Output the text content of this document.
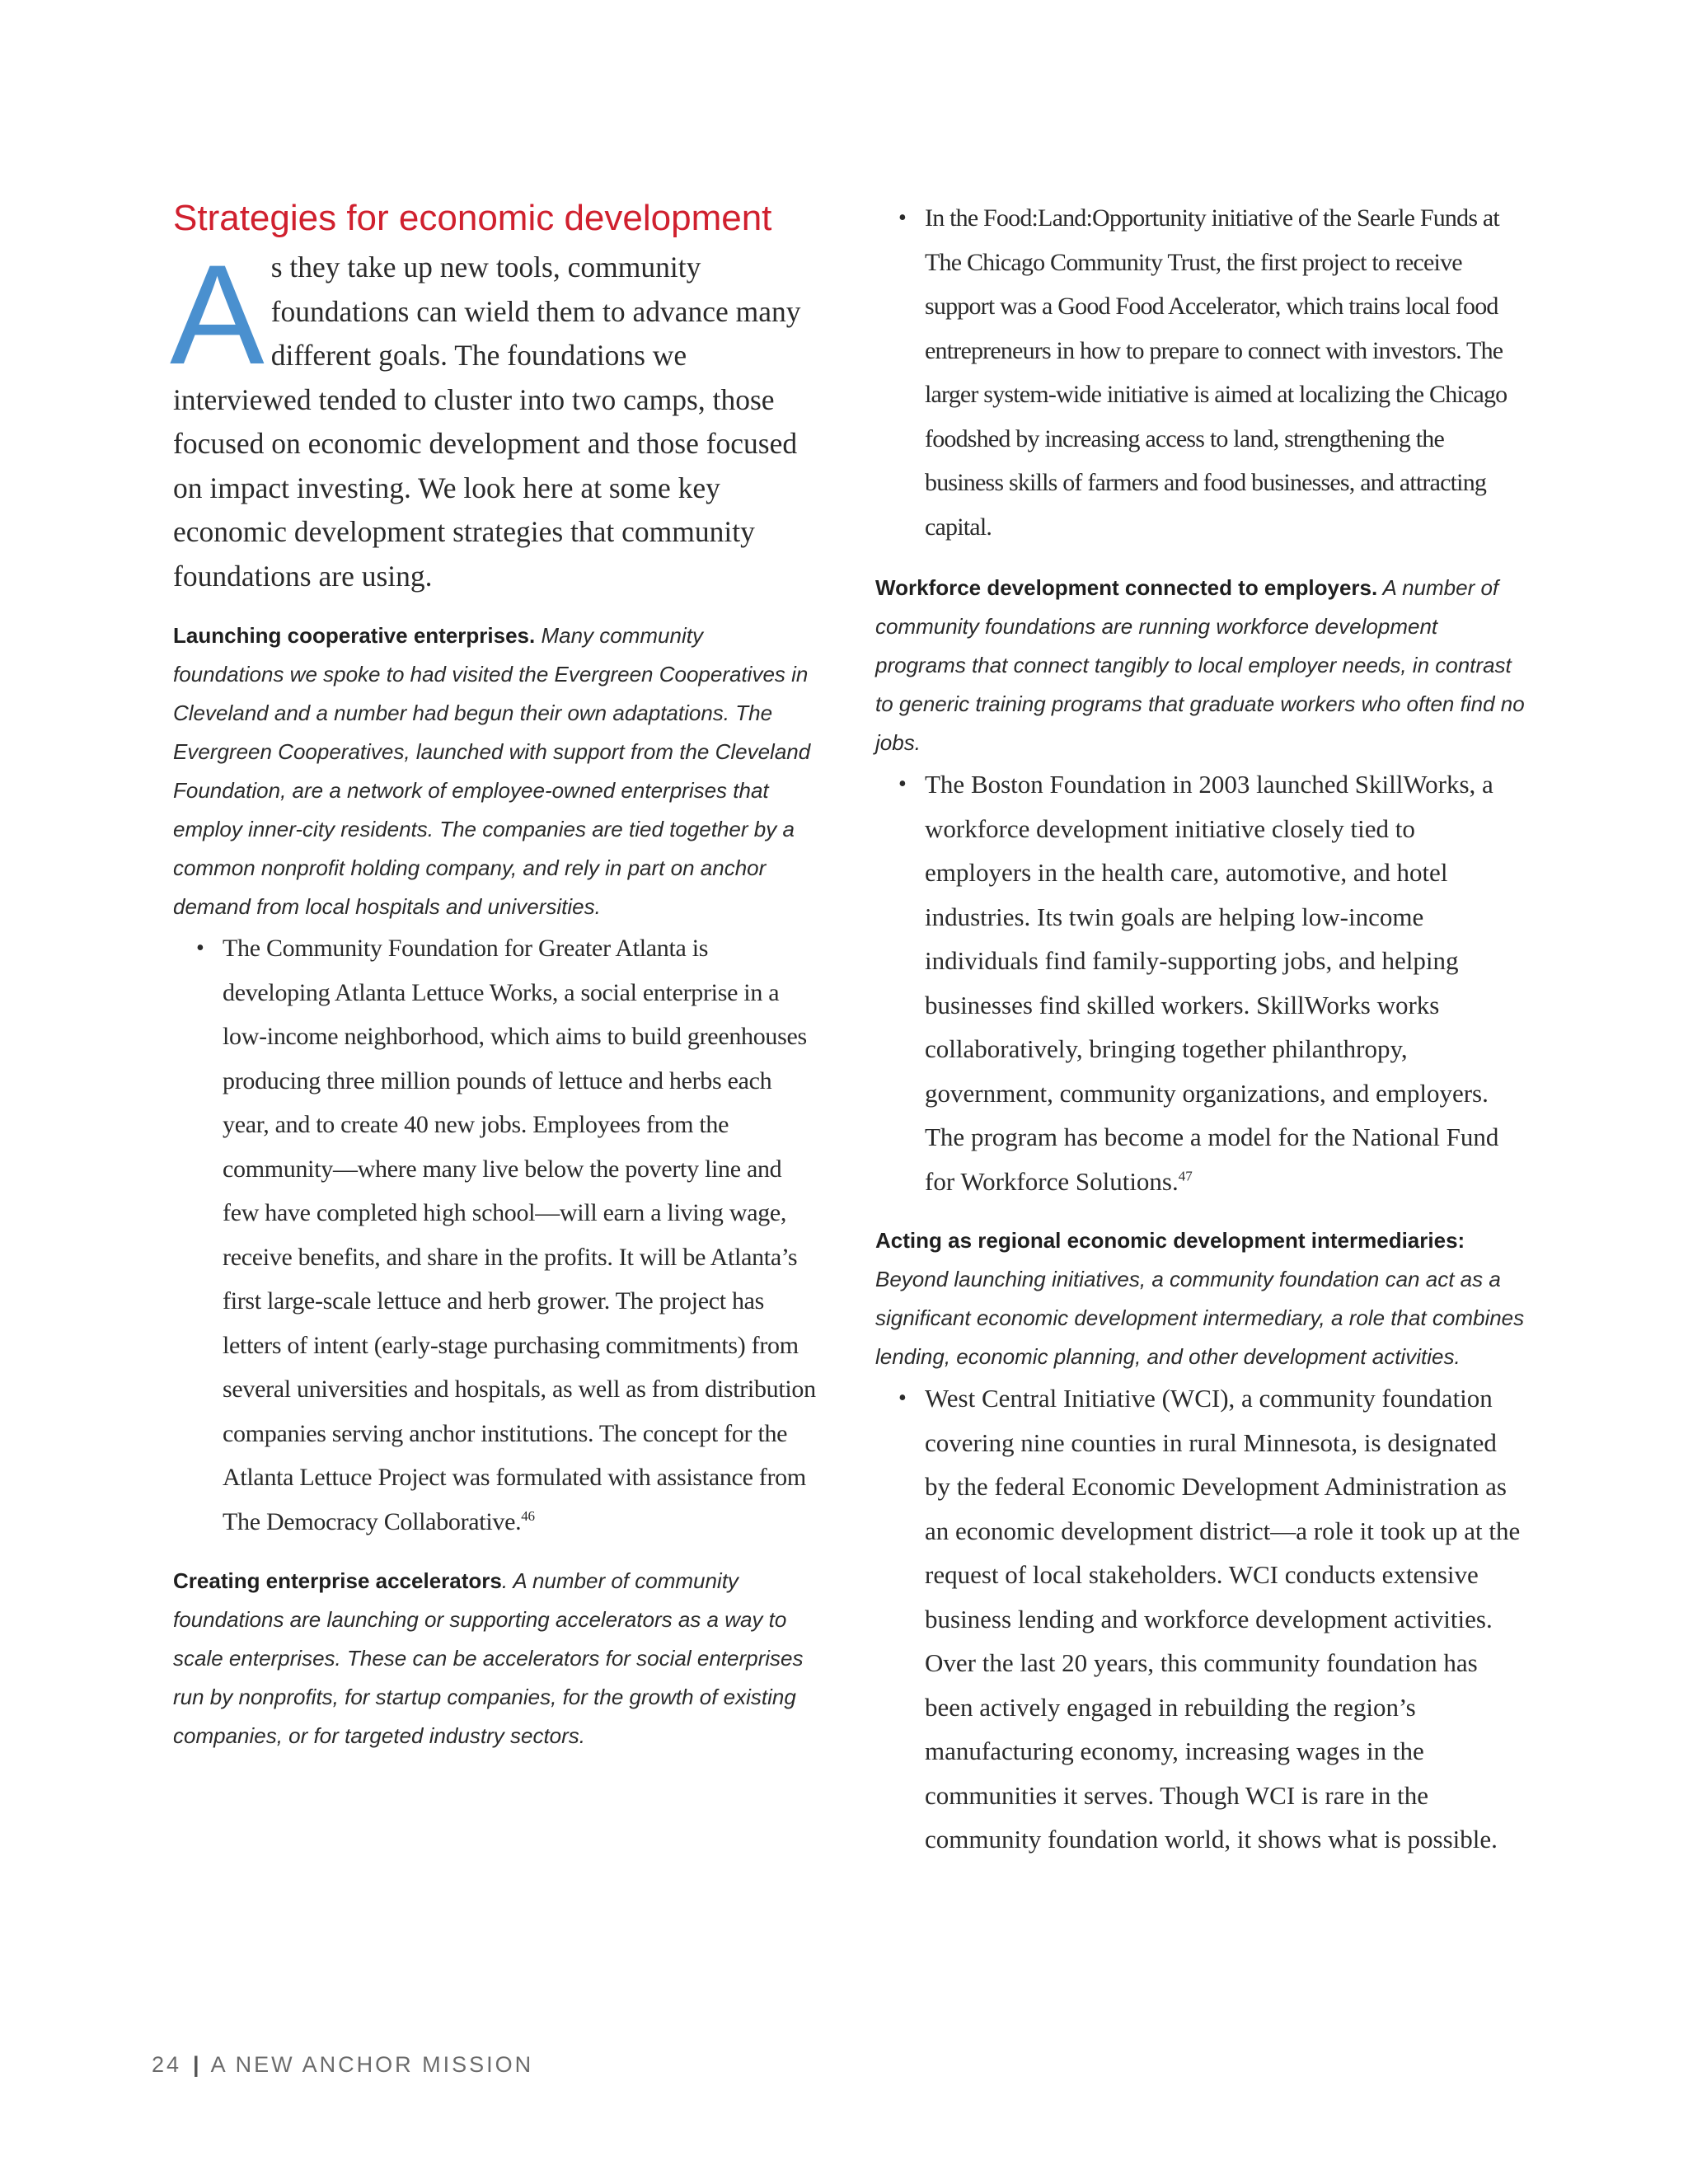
Strategies for economic development

As they take up new tools, community foundations can wield them to advance many different goals. The foundations we interviewed tended to cluster into two camps, those focused on economic development and those focused on impact investing. We look here at some key economic development strategies that community foundations are using.

Launching cooperative enterprises. Many community foundations we spoke to had visited the Evergreen Cooperatives in Cleveland and a number had begun their own adaptations. The Evergreen Cooperatives, launched with support from the Cleveland Foundation, are a network of employee-owned enterprises that employ inner-city residents. The companies are tied together by a common nonprofit holding company, and rely in part on anchor demand from local hospitals and universities.

• The Community Foundation for Greater Atlanta is developing Atlanta Lettuce Works, a social enterprise in a low-income neighborhood, which aims to build greenhouses producing three million pounds of lettuce and herbs each year, and to create 40 new jobs. Employees from the community—where many live below the poverty line and few have completed high school—will earn a living wage, receive benefits, and share in the profits. It will be Atlanta’s first large-scale lettuce and herb grower. The project has letters of intent (early-stage purchasing commitments) from several universities and hospitals, as well as from distribution companies serving anchor institutions. The concept for the Atlanta Lettuce Project was formulated with assistance from The Democracy Collaborative.$^{46}$

Creating enterprise accelerators. A number of community foundations are launching or supporting accelerators as a way to scale enterprises. These can be accelerators for social enterprises run by nonprofits, for startup companies, for the growth of existing companies, or for targeted industry sectors.

• In the Food:Land:Opportunity initiative of the Searle Funds at The Chicago Community Trust, the first project to receive support was a Good Food Accelerator, which trains local food entrepreneurs in how to prepare to connect with investors. The larger system-wide initiative is aimed at localizing the Chicago foodshed by increasing access to land, strengthening the business skills of farmers and food businesses, and attracting capital.

Workforce development connected to employers. A number of community foundations are running workforce development programs that connect tangibly to local employer needs, in contrast to generic training programs that graduate workers who often find no jobs.

• The Boston Foundation in 2003 launched SkillWorks, a workforce development initiative closely tied to employers in the health care, automotive, and hotel industries. Its twin goals are helping low-income individuals find family-supporting jobs, and helping businesses find skilled workers. SkillWorks works collaboratively, bringing together philanthropy, government, community organizations, and employers. The program has become a model for the National Fund for Workforce Solutions.$^{47}$

Acting as regional economic development intermediaries: Beyond launching initiatives, a community foundation can act as a significant economic development intermediary, a role that combines lending, economic planning, and other development activities.

• West Central Initiative (WCI), a community foundation covering nine counties in rural Minnesota, is designated by the federal Economic Development Administration as an economic development district—a role it took up at the request of local stakeholders. WCI conducts extensive business lending and workforce development activities. Over the last 20 years, this community foundation has been actively engaged in rebuilding the region’s manufacturing economy, increasing wages in the communities it serves. Though WCI is rare in the community foundation world, it shows what is possible.
24 | A NEW ANCHOR MISSION
